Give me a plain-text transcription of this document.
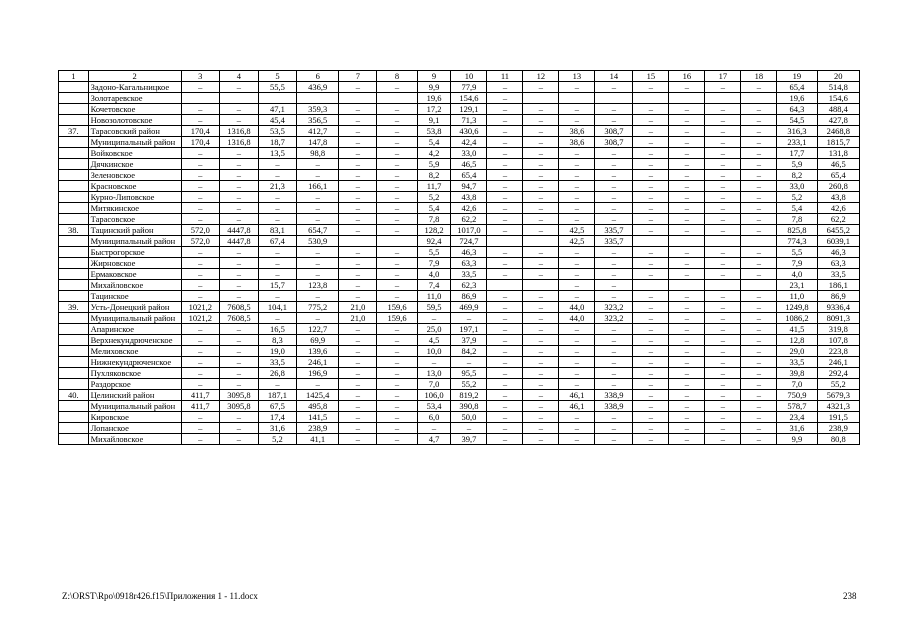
1	2	3	4	5	6	7	8	9	10	11	12	13	14	15	16	17	18	19	20
	Задоно-Кагальницкое	–	–	55,5	436,9	–	–	9,9	77,9	–	–	–	–	–	–	–	–	65,4	514,8
	Золотаревское							19,6	154,6	–								19,6	154,6
	Кочетовское	–	–	47,1	359,3	–	–	17,2	129,1	–	–	–	–	–	–	–	–	64,3	488,4
	Новозолотовское	–	–	45,4	356,5	–	–	9,1	71,3	–	–	–	–	–	–	–	–	54,5	427,8
37.	Тарасовский район	170,4	1316,8	53,5	412,7	–	–	53,8	430,6	–	–	38,6	308,7	–	–	–	–	316,3	2468,8
	Муниципальный район	170,4	1316,8	18,7	147,8	–	–	5,4	42,4	–	–	38,6	308,7	–	–	–	–	233,1	1815,7
	Войковское	–	–	13,5	98,8	–	–	4,2	33,0	–	–	–	–	–	–	–	–	17,7	131,8
	Дячкинское	–	–	–	–	–	–	5,9	46,5	–	–	–	–	–	–	–	–	5,9	46,5
	Зеленовское	–	–	–	–	–	–	8,2	65,4	–	–	–	–	–	–	–	–	8,2	65,4
	Красновское	–	–	21,3	166,1	–	–	11,7	94,7	–	–	–	–	–	–	–	–	33,0	260,8
	Курно-Липовское	–	–	–	–	–	–	5,2	43,8	–	–	–	–	–	–	–	–	5,2	43,8
	Митякинское	–	–	–	–	–	–	5,4	42,6	–	–	–	–	–	–	–	–	5,4	42,6
	Тарасовское	–	–	–	–	–	–	7,8	62,2	–	–	–	–	–	–	–	–	7,8	62,2
38.	Тацинский район	572,0	4447,8	83,1	654,7	–	–	128,2	1017,0	–	–	42,5	335,7	–	–	–	–	825,8	6455,2
	Муниципальный район	572,0	4447,8	67,4	530,9			92,4	724,7			42,5	335,7					774,3	6039,1
	Быстрогорское	–	–	–	–	–	–	5,5	46,3	–	–	–	–	–	–	–	–	5,5	46,3
	Жирновское	–	–	–	–	–	–	7,9	63,3	–	–	–	–	–	–	–	–	7,9	63,3
	Ермаковское	–	–	–	–	–	–	4,0	33,5	–	–	–	–	–	–	–	–	4,0	33,5
	Михайловское	–	–	15,7	123,8	–	–	7,4	62,3			–	–					23,1	186,1
	Тацинское	–	–	–	–	–	–	11,0	86,9	–	–	–	–	–	–	–	–	11,0	86,9
39.	Усть-Донецкий район	1021,2	7608,5	104,1	775,2	21,0	159,6	59,5	469,9	–	–	44,0	323,2	–	–	–	–	1249,8	9336,4
	Муниципальный район	1021,2	7608,5	–	–	21,0	159,6	–	–	–	–	44,0	323,2	–	–	–	–	1086,2	8091,3
	Апаринское	–	–	16,5	122,7	–	–	25,0	197,1	–	–	–	–	–	–	–	–	41,5	319,8
	Верхнекундрюченское	–	–	8,3	69,9	–	–	4,5	37,9	–	–	–	–	–	–	–	–	12,8	107,8
	Мелиховское	–	–	19,0	139,6	–	–	10,0	84,2	–	–	–	–	–	–	–	–	29,0	223,8
	Нижнекундрюченское	–	–	33,5	246,1	–	–	–	–	–	–	–	–	–	–	–	–	33,5	246,1
	Пухляковское	–	–	26,8	196,9	–	–	13,0	95,5	–	–	–	–	–	–	–	–	39,8	292,4
	Раздорское	–	–	–	–	–	–	7,0	55,2	–	–	–	–	–	–	–	–	7,0	55,2
40.	Целинский район	411,7	3095,8	187,1	1425,4	–	–	106,0	819,2	–	–	46,1	338,9	–	–	–	–	750,9	5679,3
	Муниципальный район	411,7	3095,8	67,5	495,8	–	–	53,4	390,8	–	–	46,1	338,9	–	–	–	–	578,7	4321,3
	Кировское	–	–	17,4	141,5	–	–	6,0	50,0	–	–	–	–	–	–	–	–	23,4	191,5
	Лопанское	–	–	31,6	238,9	–	–	–	–	–	–	–	–	–	–	–	–	31,6	238,9
	Михайловское	–	–	5,2	41,1	–	–	4,7	39,7	–	–	–	–	–	–	–	–	9,9	80,8
Z:\ORST\Rpo\0918r426.f15\Приложения 1 - 11.docx	238
